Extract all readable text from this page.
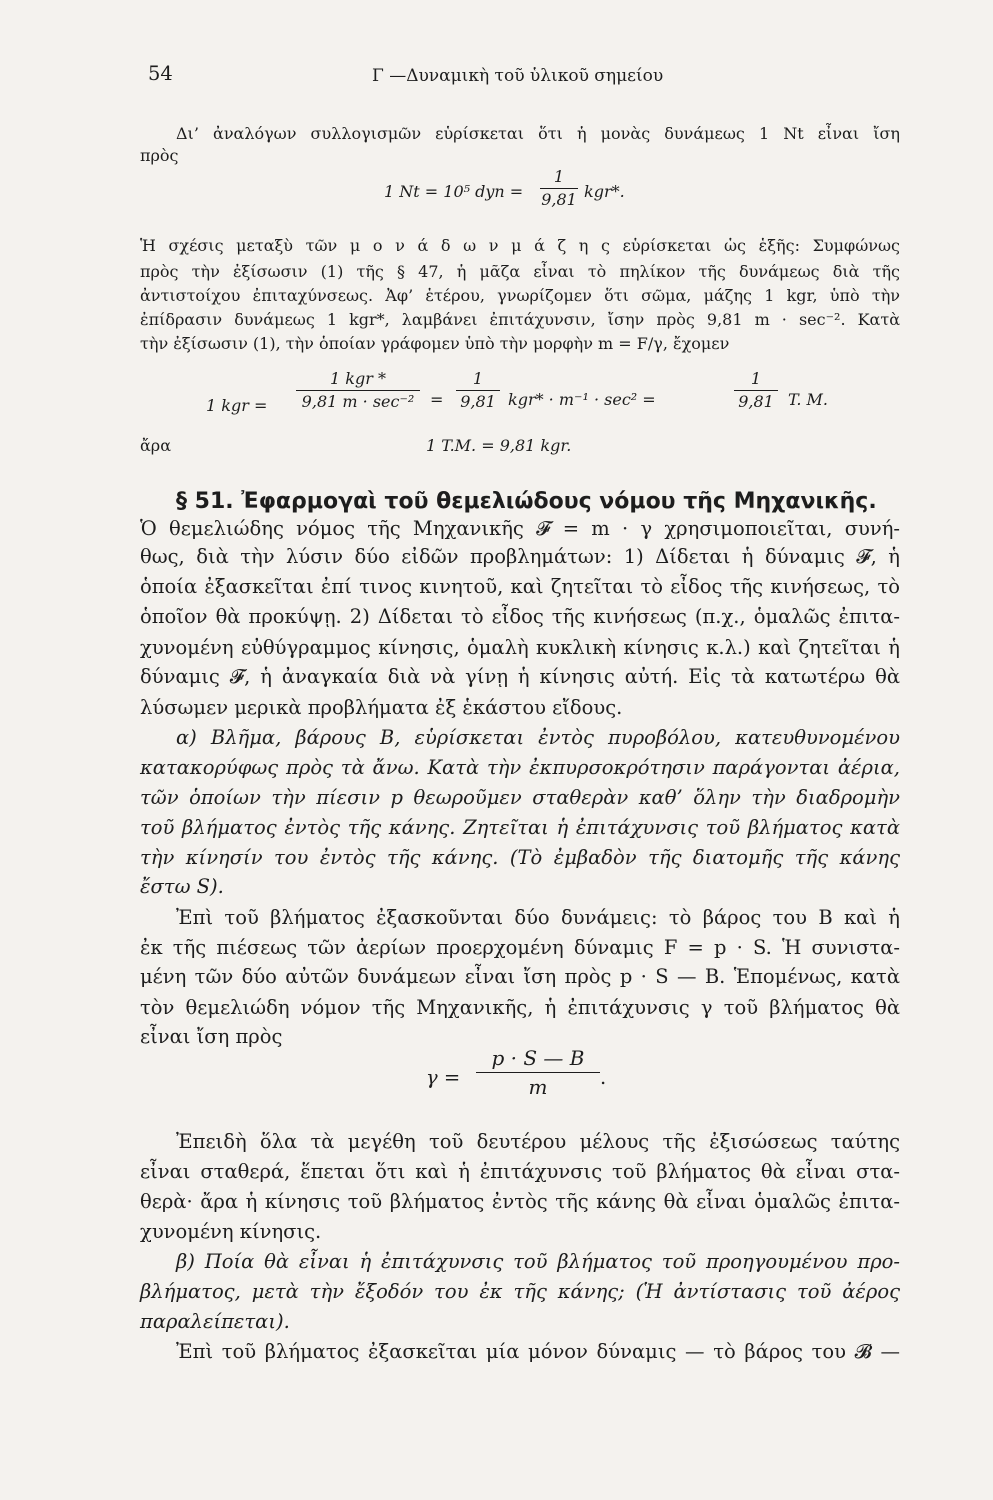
54	Γ —Δυναμικὴ τοῦ ὑλικοῦ σημείου
Δι’ ἀναλόγων συλλογισμῶν εὑρίσκεται ὅτι ἡ μονὰς δυνάμεως 1 Nt εἶναι ἴση
πρὸς
1 Nt = 10⁵ dyn =
1
9,81 kgr*.
Ἡ σχέσις μεταξὺ τῶν μ ο ν ά δ ω ν μ ά ζ η ς εὑρίσκεται ὡς ἑξῆς: Συμφώνως
πρὸς τὴν ἐξίσωσιν (1) τῆς § 47, ἡ μᾶζα εἶναι τὸ πηλίκον τῆς δυνάμεως διὰ τῆς
ἀντιστοίχου ἐπιταχύνσεως. Ἀφ’ ἑτέρου, γνωρίζομεν ὅτι σῶμα, μάζης 1 kgr, ὑπὸ τὴν
ἐπίδρασιν δυνάμεως 1 kgr*, λαμβάνει ἐπιτάχυνσιν, ἴσην πρὸς 9,81 m · sec⁻². Κατὰ
τὴν ἐξίσωσιν (1), τὴν ὁποίαν γράφομεν ὑπὸ τὴν μορφὴν m = F/γ, ἔχομεν
1 kgr =
1 kgr *
9,81 m · sec⁻² =
1
9,81 kgr* · m⁻¹ · sec² =
1
9,81 T. M.
ἄρα	1 T.M. = 9,81 kgr.
§ 51. Ἐφαρμογαὶ τοῦ θεμελιώδους νόμου τῆς Μηχανικῆς.
Ὁ θεμελιώδης νόμος τῆς Μηχανικῆς 𝓕 = m · γ χρησιμοποιεῖται, συνή-
θως, διὰ τὴν λύσιν δύο εἰδῶν προβλημάτων: 1) Δίδεται ἡ δύναμις 𝓕, ἡ
ὁποία ἐξασκεῖται ἐπί τινος κινητοῦ, καὶ ζητεῖται τὸ εἶδος τῆς κινήσεως, τὸ
ὁποῖον θὰ προκύψῃ. 2) Δίδεται τὸ εἶδος τῆς κινήσεως (π.χ., ὁμαλῶς ἐπιτα-
χυνομένη εὐθύγραμμος κίνησις, ὁμαλὴ κυκλικὴ κίνησις κ.λ.) καὶ ζητεῖται ἡ
δύναμις 𝓕, ἡ ἀναγκαία διὰ νὰ γίνῃ ἡ κίνησις αὐτή. Εἰς τὰ κατωτέρω θὰ
λύσωμεν μερικὰ προβλήματα ἐξ ἑκάστου εἴδους.
α) Βλῆμα, βάρους B, εὑρίσκεται ἐντὸς πυροβόλου, κατευθυνομένου
κατακορύφως πρὸς τὰ ἄνω. Κατὰ τὴν ἐκπυρσοκρότησιν παράγονται ἀέρια,
τῶν ὁποίων τὴν πίεσιν p θεωροῦμεν σταθερὰν καθ’ ὅλην τὴν διαδρομὴν
τοῦ βλήματος ἐντὸς τῆς κάνης. Ζητεῖται ἡ ἐπιτάχυνσις τοῦ βλήματος κατὰ
τὴν κίνησίν του ἐντὸς τῆς κάνης. (Τὸ ἐμβαδὸν τῆς διατομῆς τῆς κάνης
ἔστω S).
Ἐπὶ τοῦ βλήματος ἐξασκοῦνται δύο δυνάμεις: τὸ βάρος του B καὶ ἡ
ἐκ τῆς πιέσεως τῶν ἀερίων προερχομένη δύναμις F = p · S. Ἡ συνιστα-
μένη τῶν δύο αὐτῶν δυνάμεων εἶναι ἴση πρὸς p · S — B. Ἑπομένως, κατὰ
τὸν θεμελιώδη νόμον τῆς Μηχανικῆς, ἡ ἐπιτάχυνσις γ τοῦ βλήματος θὰ
εἶναι ἴση πρὸς
γ =
p · S — B
m	.
Ἐπειδὴ ὅλα τὰ μεγέθη τοῦ δευτέρου μέλους τῆς ἐξισώσεως ταύτης
εἶναι σταθερά, ἕπεται ὅτι καὶ ἡ ἐπιτάχυνσις τοῦ βλήματος θὰ εἶναι στα-
θερὰ· ἄρα ἡ κίνησις τοῦ βλήματος ἐντὸς τῆς κάνης θὰ εἶναι ὁμαλῶς ἐπιτα-
χυνομένη κίνησις.
β) Ποία θὰ εἶναι ἡ ἐπιτάχυνσις τοῦ βλήματος τοῦ προηγουμένου προ-
βλήματος, μετὰ τὴν ἔξοδόν του ἐκ τῆς κάνης; (Ἡ ἀντίστασις τοῦ ἀέρος
παραλείπεται).
Ἐπὶ τοῦ βλήματος ἐξασκεῖται μία μόνον δύναμις — τὸ βάρος του 𝓑 —
